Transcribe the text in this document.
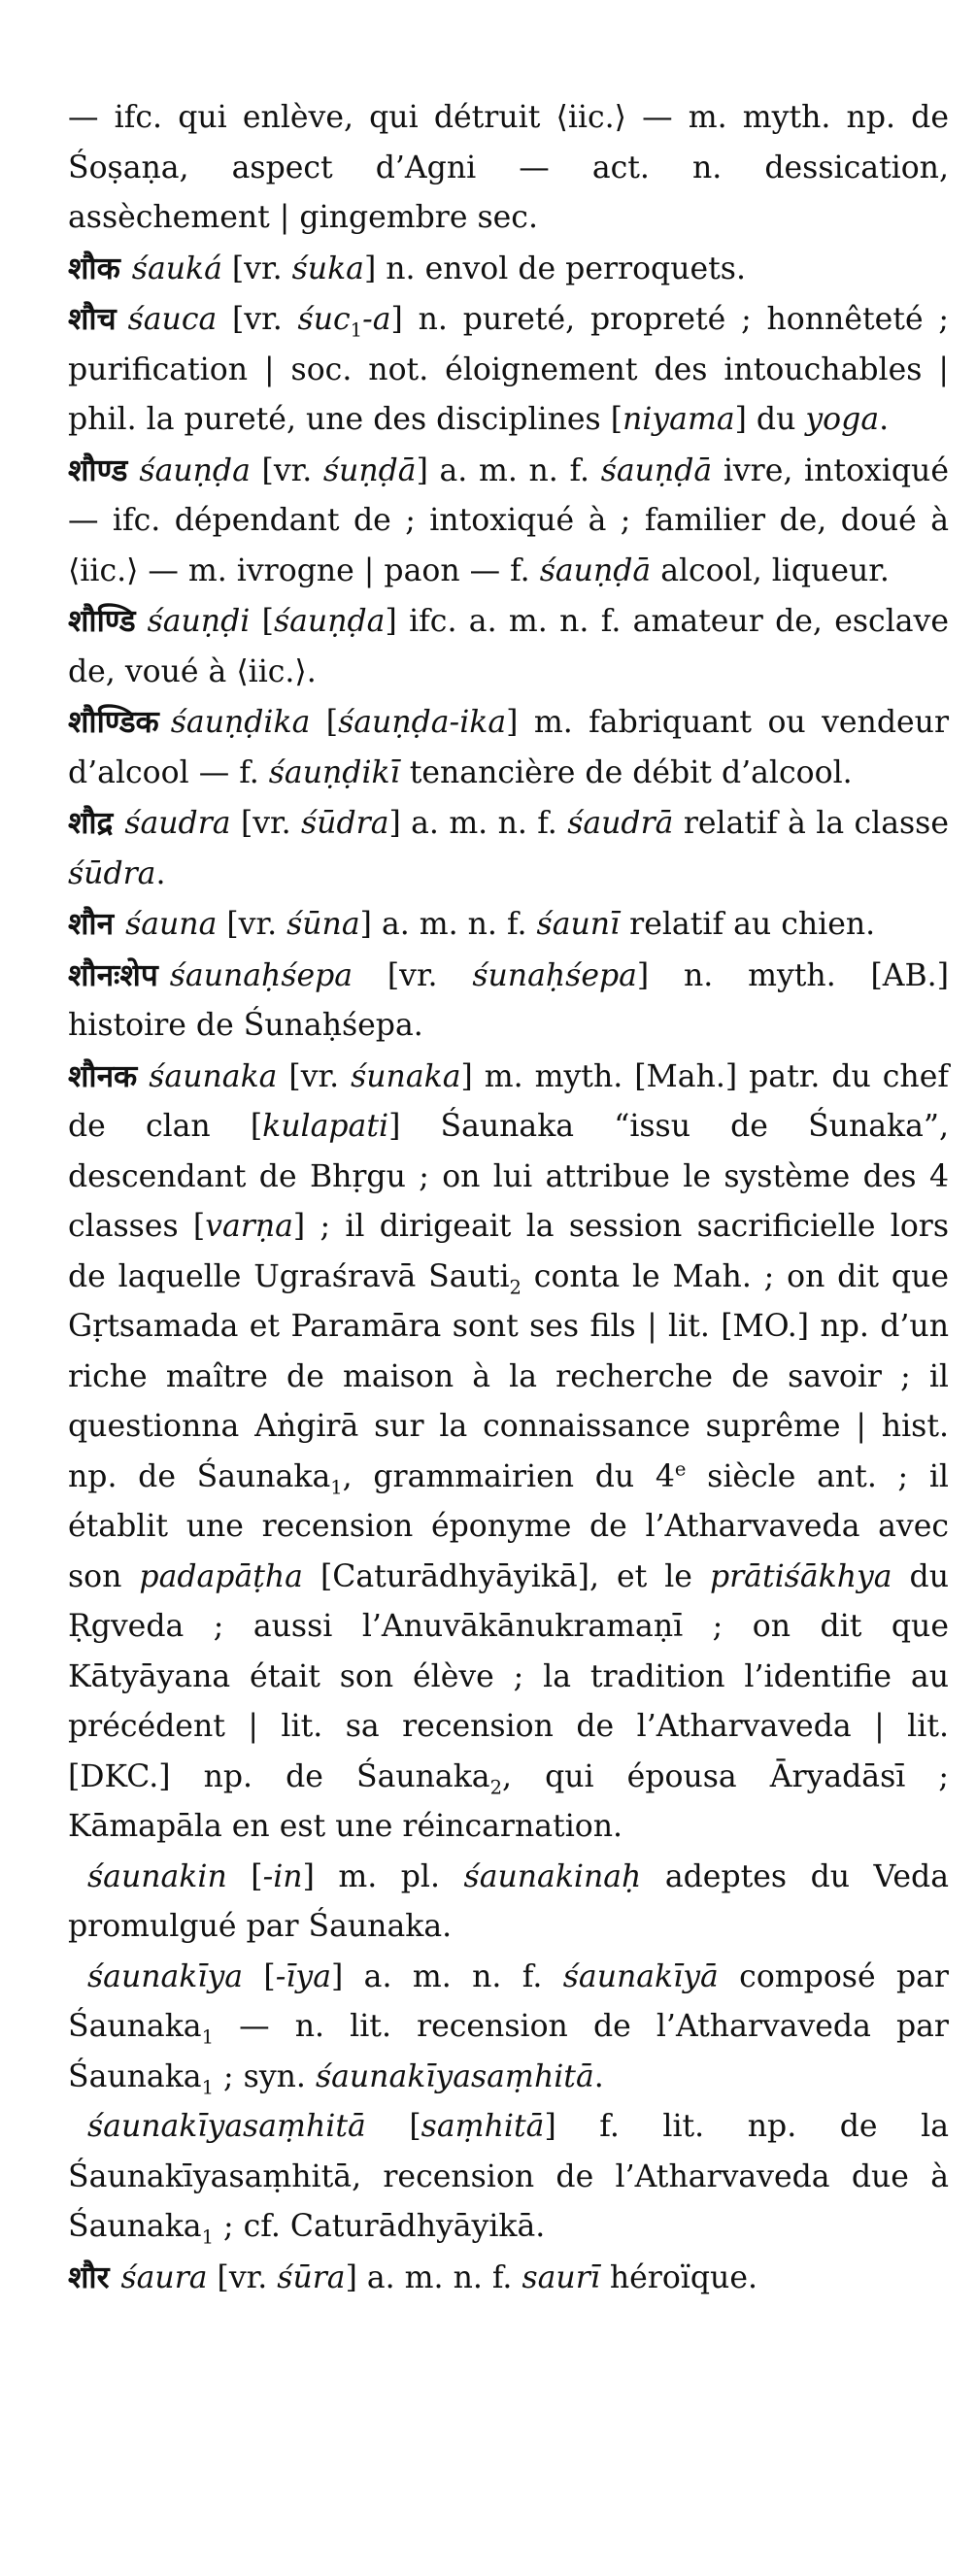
— ifc. qui enlève, qui détruit ⟨iic.⟩ — m. myth. np. de Śoṣaṇa, aspect d’Agni — act. n. dessication, assèchement | gingembre sec.

शौक śauká [vr. śuka] n. envol de perroquets.

शौच śauca [vr. śuc$_1$-a] n. pureté, propreté ; honnêteté ; purification | soc. not. éloignement des intouchables | phil. la pureté, une des disciplines [niyama] du yoga.

शौण्ड śauṇḍa [vr. śuṇḍā] a. m. n. f. śauṇḍā ivre, intoxiqué — ifc. dépendant de ; intoxiqué à ; familier de, doué à ⟨iic.⟩ — m. ivrogne | paon — f. śauṇḍā alcool, liqueur.

शौण्डि śauṇḍi [śauṇḍa] ifc. a. m. n. f. amateur de, esclave de, voué à ⟨iic.⟩.

शौण्डिक śauṇḍika [śauṇḍa-ika] m. fabriquant ou vendeur d’alcool — f. śauṇḍikī tenancière de débit d’alcool.

शौद्र śaudra [vr. śūdra] a. m. n. f. śaudrā relatif à la classe śūdra.

शौन śauna [vr. śūna] a. m. n. f. śaunī relatif au chien.

शौनःशेप śaunaḥśepa [vr. śunaḥśepa] n. myth. [AB.] histoire de Śunaḥśepa.

शौनक śaunaka [vr. śunaka] m. myth. [Mah.] patr. du chef de clan [kulapati] Śaunaka “issu de Śunaka”, descendant de Bhṛgu ; on lui attribue le système des 4 classes [varṇa] ; il dirigeait la session sacrificielle lors de laquelle Ugraśravā Sauti$_2$ conta le Mah. ; on dit que Gṛtsamada et Paramāra sont ses fils | lit. [MO.] np. d’un riche maître de maison à la recherche de savoir ; il questionna Aṅgirā sur la connaissance suprême | hist. np. de Śaunaka$_1$, grammairien du 4e siècle ant. ; il établit une recension éponyme de l’Atharvaveda avec son padapāṭha [Caturādhyāyikā], et le prātiśākhya du Ṛgveda ; aussi l’Anuvākānukramaṇī ; on dit que Kātyāyana était son élève ; la tradition l’identifie au précédent | lit. sa recension de l’Atharvaveda | lit. [DKC.] np. de Śaunaka$_2$, qui épousa Āryadāsī ; Kāmapāla en est une réincarnation.

śaunakin [-in] m. pl. śaunakinaḥ adeptes du Veda promulgué par Śaunaka.

śaunakīya [-īya] a. m. n. f. śaunakīyā composé par Śaunaka$_1$ — n. lit. recension de l’Atharvaveda par Śaunaka$_1$ ; syn. śaunakīyasaṃhitā.

śaunakīyasaṃhitā [saṃhitā] f. lit. np. de la Śaunakīyasaṃhitā, recension de l’Atharvaveda due à Śaunaka$_1$ ; cf. Caturādhyāyikā.

शौर śaura [vr. śūra] a. m. n. f. saurī héroïque.
